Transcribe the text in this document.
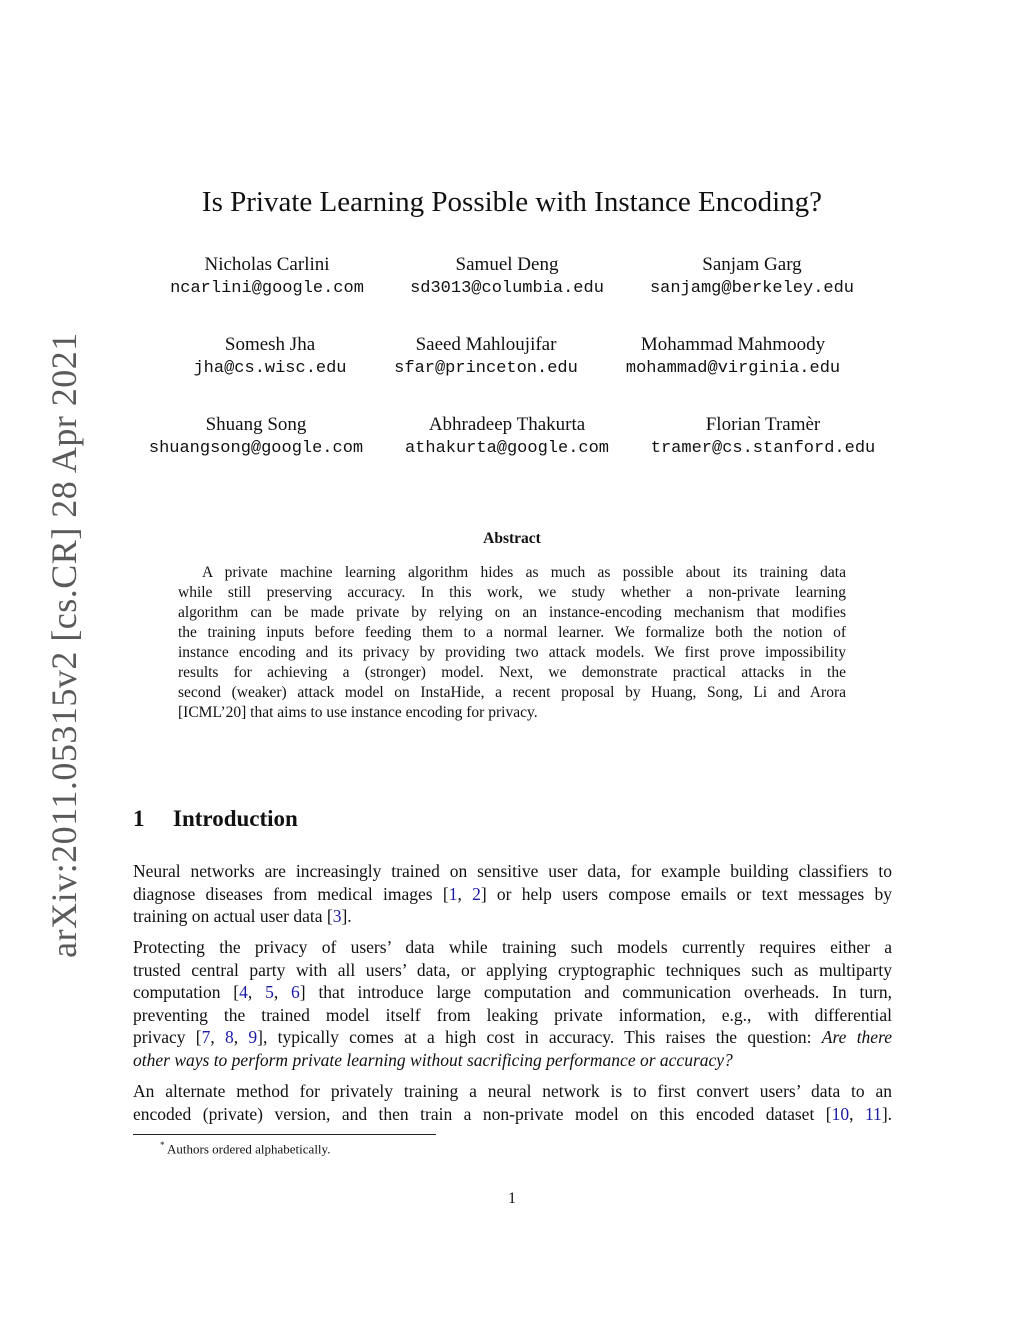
arXiv:2011.05315v2 [cs.CR] 28 Apr 2021
Is Private Learning Possible with Instance Encoding?
Nicholas Carlini
ncarlini@google.com
Samuel Deng
sd3013@columbia.edu
Sanjam Garg
sanjamg@berkeley.edu
Somesh Jha
jha@cs.wisc.edu
Saeed Mahloujifar
sfar@princeton.edu
Mohammad Mahmoody
mohammad@virginia.edu
Shuang Song
shuangsong@google.com
Abhradeep Thakurta
athakurta@google.com
Florian Tramèr
tramer@cs.stanford.edu
Abstract
A private machine learning algorithm hides as much as possible about its training data
while still preserving accuracy. In this work, we study whether a non-private learning
algorithm can be made private by relying on an instance-encoding mechanism that modifies
the training inputs before feeding them to a normal learner. We formalize both the notion of
instance encoding and its privacy by providing two attack models. We first prove impossibility
results for achieving a (stronger) model. Next, we demonstrate practical attacks in the
second (weaker) attack model on InstaHide, a recent proposal by Huang, Song, Li and Arora
[ICML’20] that aims to use instance encoding for privacy.
1 Introduction
Neural networks are increasingly trained on sensitive user data, for example building classifiers to
diagnose diseases from medical images [1, 2] or help users compose emails or text messages by
training on actual user data [3].
Protecting the privacy of users’ data while training such models currently requires either a
trusted central party with all users’ data, or applying cryptographic techniques such as multiparty
computation [4, 5, 6] that introduce large computation and communication overheads. In turn,
preventing the trained model itself from leaking private information, e.g., with differential
privacy [7, 8, 9], typically comes at a high cost in accuracy. This raises the question: Are there
other ways to perform private learning without sacrificing performance or accuracy?
An alternate method for privately training a neural network is to first convert users’ data to an
encoded (private) version, and then train a non-private model on this encoded dataset [10, 11].
* Authors ordered alphabetically.
1
